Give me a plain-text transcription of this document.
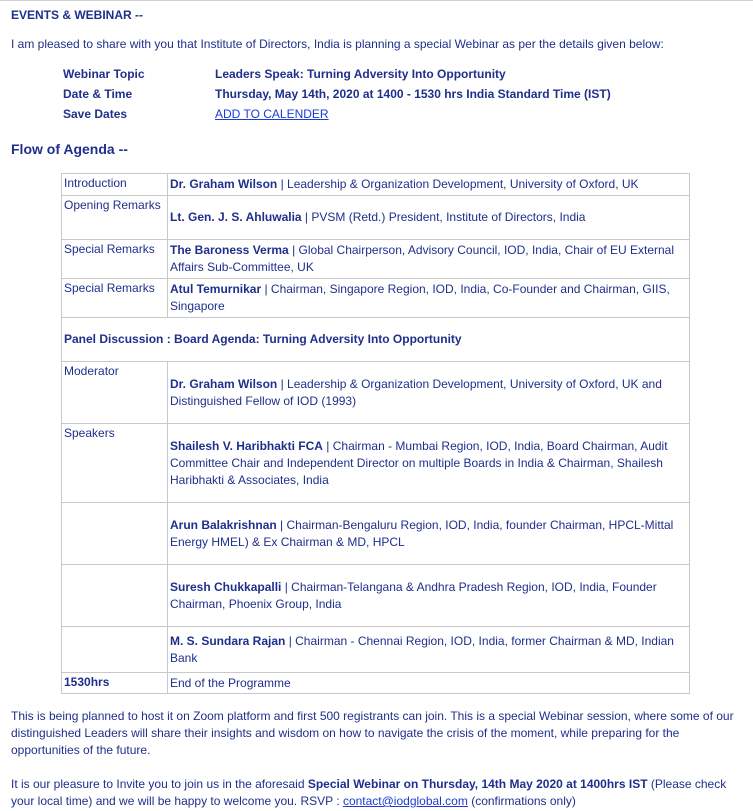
EVENTS & WEBINAR --
I am pleased to share with you that Institute of Directors, India is planning a special Webinar as per the details given below:
Webinar Topic	Leaders Speak: Turning Adversity Into Opportunity
Date & Time	Thursday, May 14th, 2020 at 1400 - 1530 hrs India Standard Time (IST)
Save Dates	ADD TO CALENDER
Flow of Agenda --
Introduction	Dr. Graham Wilson | Leadership & Organization Development, University of Oxford, UK
Opening Remarks	Lt. Gen. J. S. Ahluwalia | PVSM (Retd.) President, Institute of Directors, India
Special Remarks	The Baroness Verma | Global Chairperson, Advisory Council, IOD, India, Chair of EU External Affairs Sub-Committee, UK
Special Remarks	Atul Temurnikar | Chairman, Singapore Region, IOD, India, Co-Founder and Chairman, GIIS, Singapore
Panel Discussion : Board Agenda: Turning Adversity Into Opportunity	
Moderator	Dr. Graham Wilson | Leadership & Organization Development, University of Oxford, UK and Distinguished Fellow of IOD (1993)
Speakers	Shailesh V. Haribhakti FCA | Chairman - Mumbai Region, IOD, India, Board Chairman, Audit Committee Chair and Independent Director on multiple Boards in India & Chairman, Shailesh Haribhakti & Associates, India
	Arun Balakrishnan | Chairman-Bengaluru Region, IOD, India, founder Chairman, HPCL-Mittal Energy HMEL) & Ex Chairman & MD, HPCL
	Suresh Chukkapalli | Chairman-Telangana & Andhra Pradesh Region, IOD, India, Founder Chairman, Phoenix Group, India
	M. S. Sundara Rajan | Chairman - Chennai Region, IOD, India, former Chairman & MD, Indian Bank
1530hrs	End of the Programme
This is being planned to host it on Zoom platform and first 500 registrants can join. This is a special Webinar session, where some of our distinguished Leaders will share their insights and wisdom on how to navigate the crisis of the moment, while preparing for the opportunities of the future.
It is our pleasure to Invite you to join us in the aforesaid Special Webinar on Thursday, 14th May 2020 at 1400hrs IST (Please check your local time) and we will be happy to welcome you. RSVP : contact@iodglobal.com (confirmations only)
